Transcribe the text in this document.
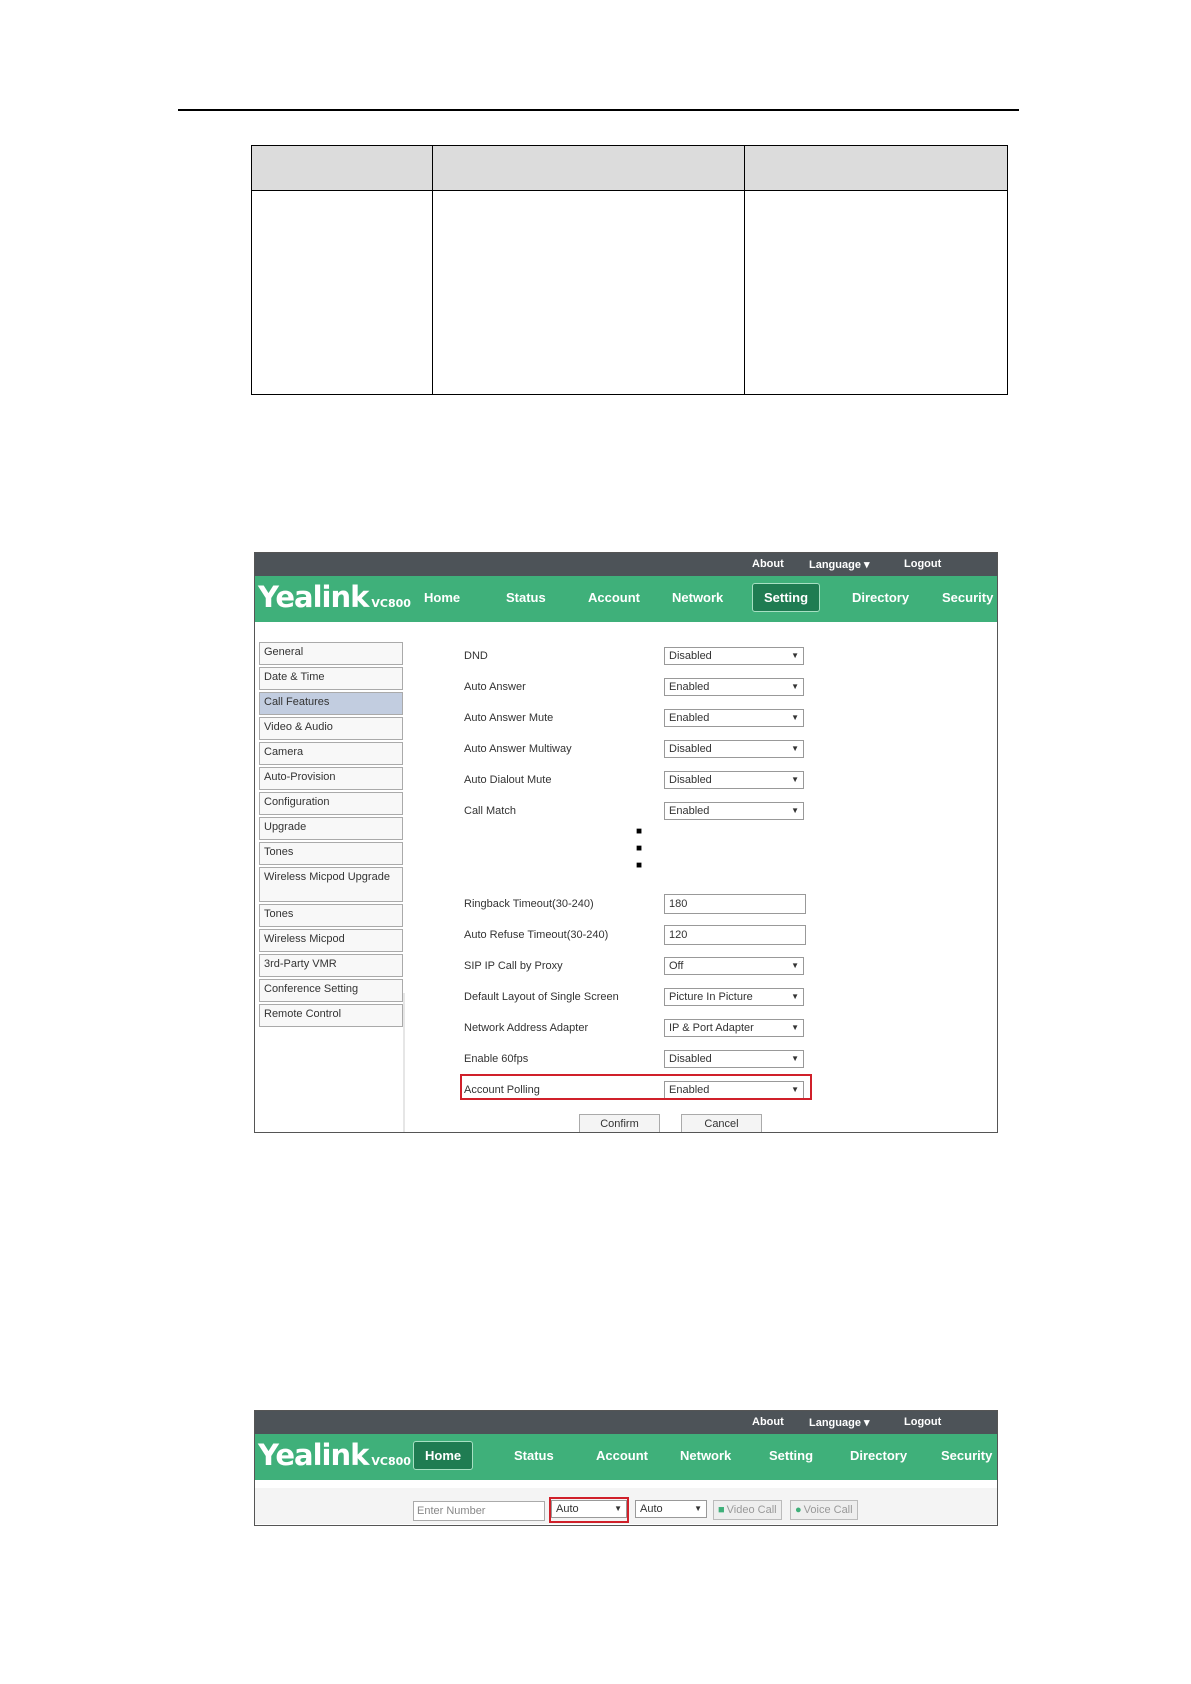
About Language ▾	Logout
Yealink VC800 Home	Status	Account Network	Setting	Directory	Security
General
Date & Time
Call Features
Video & Audio
Camera
Auto-Provision
Configuration
Upgrade
Tones
Wireless Micpod Upgrade
Tones
Wireless Micpod
3rd-Party VMR
Conference Setting
Remote Control
DND	Disabled ▼
Auto Answer	Enabled ▼
Auto Answer Mute	Enabled ▼
Auto Answer Multiway	Disabled ▼
Auto Dialout Mute	Disabled ▼
Call Match	Enabled ▼
■
■
■
Ringback Timeout(30-240)	180
Auto Refuse Timeout(30-240)	120
SIP IP Call by Proxy	Off ▼
Default Layout of Single Screen	Picture In Picture ▼
Network Address Adapter	IP & Port Adapter ▼
Enable 60fps	Disabled ▼
Account Polling	Enabled ▼
Confirm	Cancel
About Language ▾	Logout
Yealink VC800	Home	Status	Account Network	Setting	Directory	Security
Enter Number	Auto ▼	Auto ▼	■ Video Call	● Voice Call
